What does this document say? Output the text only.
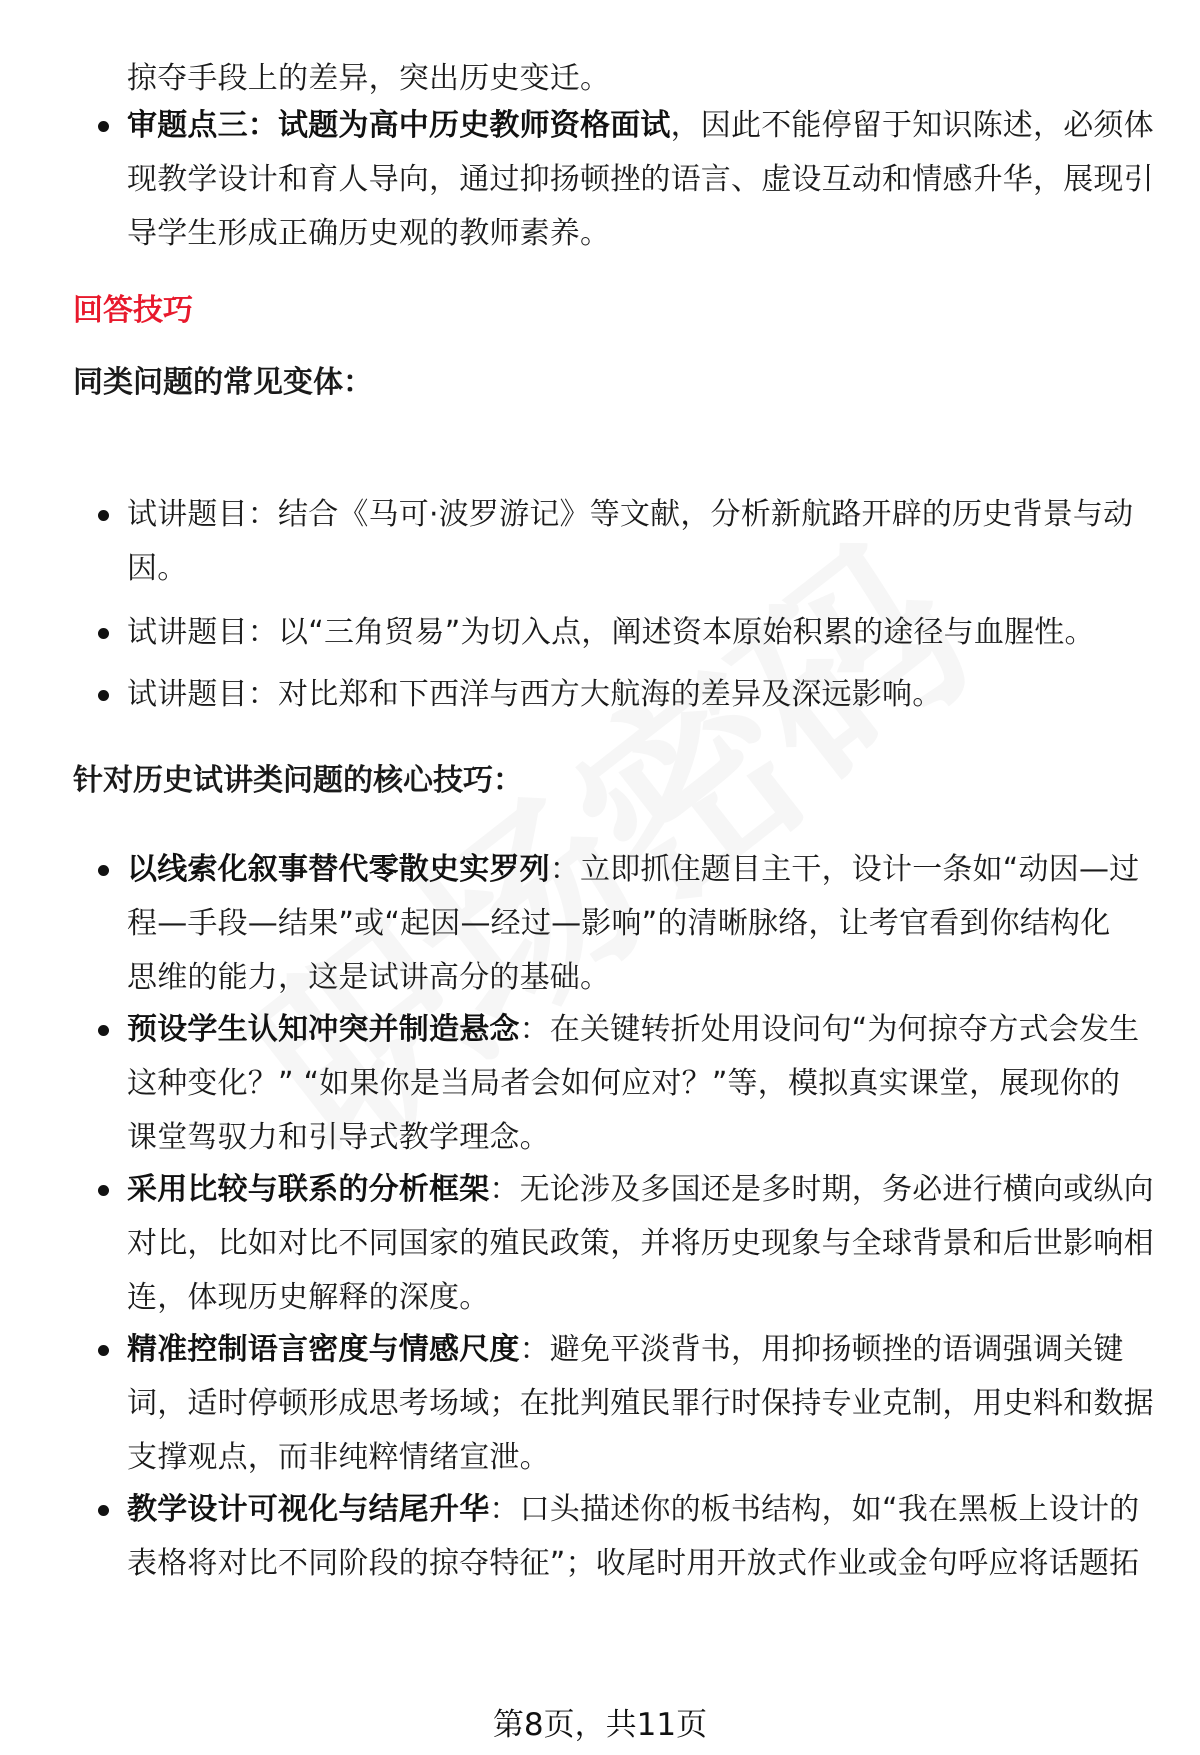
掠夺手段上的差异，突出历史变迁。
审题点三：试题为高中历史教师资格面试，因此不能停留于知识陈述，必须体
现教学设计和育人导向，通过抑扬顿挫的语言、虚设互动和情感升华，展现引
导学生形成正确历史观的教师素养。
回答技巧
同类问题的常见变体：
试讲题目：结合《马可·波罗游记》等文献，分析新航路开辟的历史背景与动
因。
试讲题目：以“三角贸易”为切入点，阐述资本原始积累的途径与血腥性。
试讲题目：对比郑和下西洋与西方大航海的差异及深远影响。
针对历史试讲类问题的核心技巧：
以线索化叙事替代零散史实罗列：立即抓住题目主干，设计一条如“动因—过
程—手段—结果”或“起因—经过—影响”的清晰脉络，让考官看到你结构化
思维的能力，这是试讲高分的基础。
预设学生认知冲突并制造悬念：在关键转折处用设问句“为何掠夺方式会发生
这种变化？” “如果你是当局者会如何应对？”等，模拟真实课堂，展现你的
课堂驾驭力和引导式教学理念。
采用比较与联系的分析框架：无论涉及多国还是多时期，务必进行横向或纵向
对比，比如对比不同国家的殖民政策，并将历史现象与全球背景和后世影响相
连，体现历史解释的深度。
精准控制语言密度与情感尺度：避免平淡背书，用抑扬顿挫的语调强调关键
词，适时停顿形成思考场域；在批判殖民罪行时保持专业克制，用史料和数据
支撑观点，而非纯粹情绪宣泄。
教学设计可视化与结尾升华：口头描述你的板书结构，如“我在黑板上设计的
表格将对比不同阶段的掠夺特征”；收尾时用开放式作业或金句呼应将话题拓
第8页，共11页
